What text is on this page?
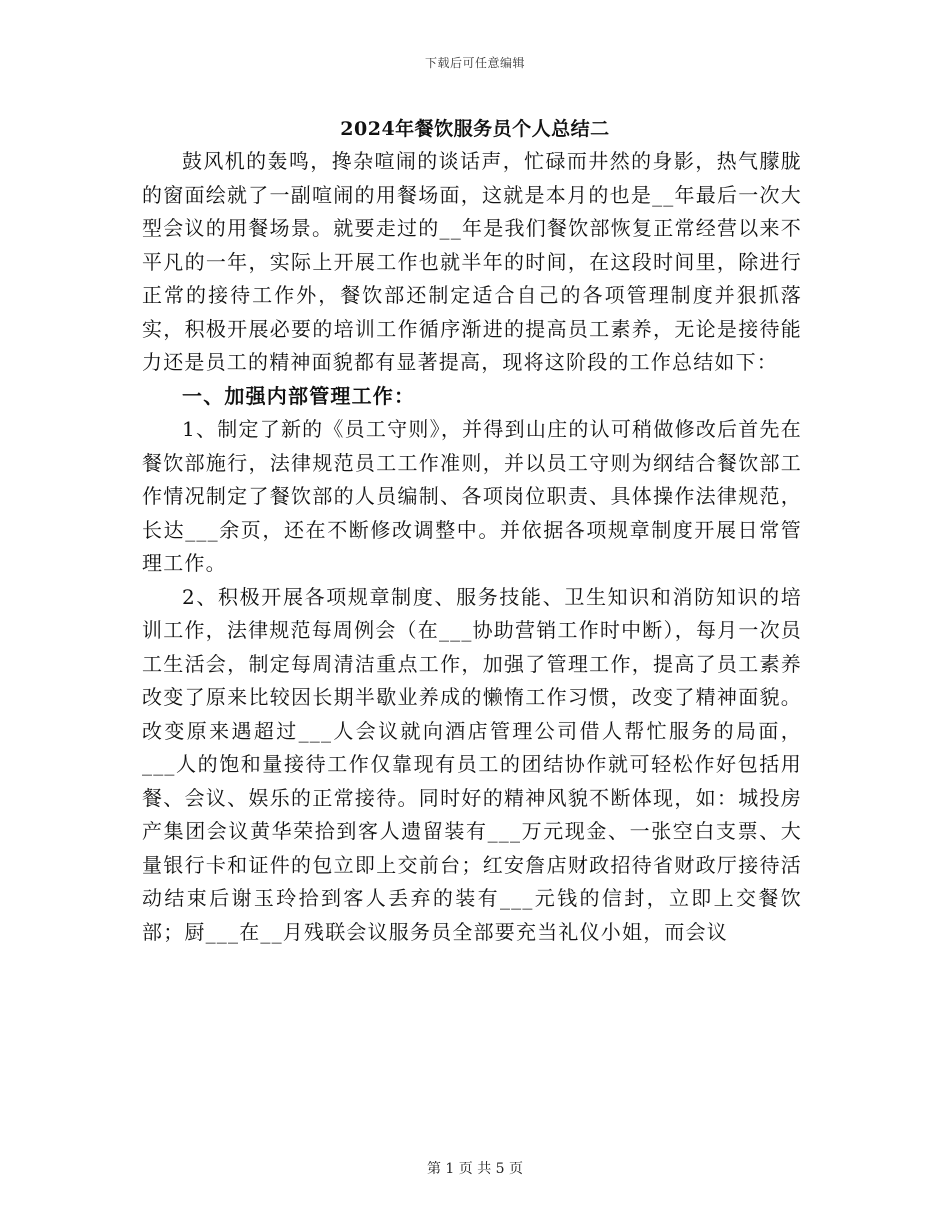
下载后可任意编辑
2024年餐饮服务员个人总结二

鼓风机的轰鸣，搀杂喧闹的谈话声，忙碌而井然的身影，热气朦胧的窗面绘就了一副喧闹的用餐场面，这就是本月的也是__年最后一次大型会议的用餐场景。就要走过的__年是我们餐饮部恢复正常经营以来不平凡的一年，实际上开展工作也就半年的时间，在这段时间里，除进行正常的接待工作外，餐饮部还制定适合自己的各项管理制度并狠抓落实，积极开展必要的培训工作循序渐进的提高员工素养，无论是接待能力还是员工的精神面貌都有显著提高，现将这阶段的工作总结如下：

一、加强内部管理工作：

1、制定了新的《员工守则》，并得到山庄的认可稍做修改后首先在餐饮部施行，法律规范员工工作准则，并以员工守则为纲结合餐饮部工作情况制定了餐饮部的人员编制、各项岗位职责、具体操作法律规范，长达___余页，还在不断修改调整中。并依据各项规章制度开展日常管理工作。

2、积极开展各项规章制度、服务技能、卫生知识和消防知识的培训工作，法律规范每周例会（在___协助营销工作时中断），每月一次员工生活会，制定每周清洁重点工作，加强了管理工作，提高了员工素养改变了原来比较因长期半歇业养成的懒惰工作习惯，改变了精神面貌。改变原来遇超过___人会议就向酒店管理公司借人帮忙服务的局面，___人的饱和量接待工作仅靠现有员工的团结协作就可轻松作好包括用餐、会议、娱乐的正常接待。同时好的精神风貌不断体现，如：城投房产集团会议黄华荣拾到客人遗留装有___万元现金、一张空白支票、大量银行卡和证件的包立即上交前台；红安詹店财政招待省财政厅接待活动结束后谢玉玲拾到客人丢弃的装有___元钱的信封，立即上交餐饮部；厨___在__月残联会议服务员全部要充当礼仪小姐，而会议

第 1 页 共 5 页
